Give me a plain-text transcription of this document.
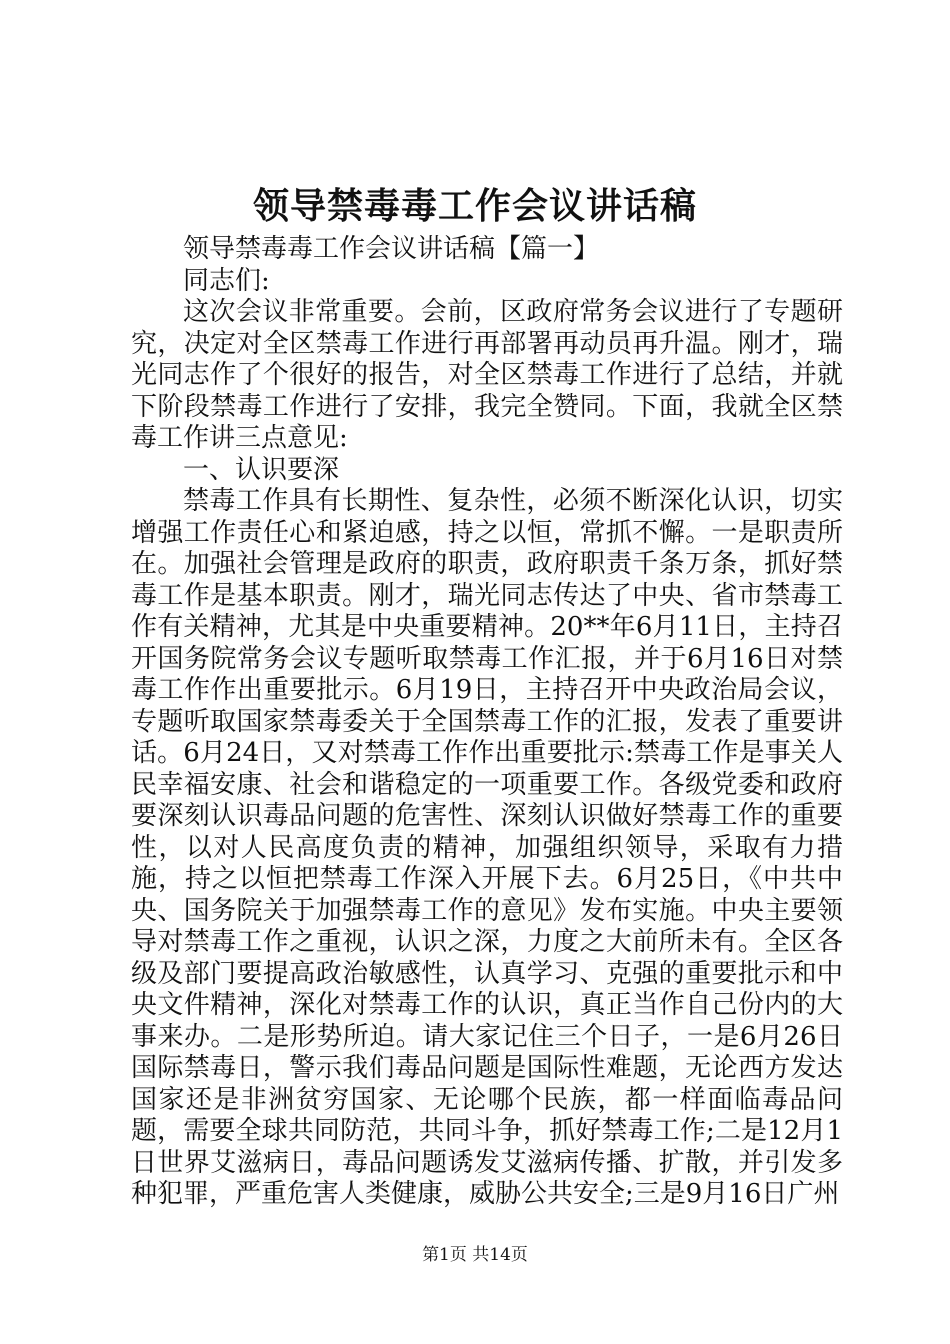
领导禁毒毒工作会议讲话稿

领导禁毒毒工作会议讲话稿【篇一】

同志们:

这次会议非常重要。会前，区政府常务会议进行了专题研究，决定对全区禁毒工作进行再部署再动员再升温。刚才，瑞光同志作了个很好的报告，对全区禁毒工作进行了总结，并就下阶段禁毒工作进行了安排，我完全赞同。下面，我就全区禁毒工作讲三点意见:

一、认识要深

禁毒工作具有长期性、复杂性，必须不断深化认识，切实增强工作责任心和紧迫感，持之以恒，常抓不懈。一是职责所在。加强社会管理是政府的职责，政府职责千条万条，抓好禁毒工作是基本职责。刚才，瑞光同志传达了中央、省市禁毒工作有关精神，尤其是中央重要精神。20**年6月11日，主持召开国务院常务会议专题听取禁毒工作汇报，并于6月16日对禁毒工作作出重要批示。6月19日，主持召开中央政治局会议，专题听取国家禁毒委关于全国禁毒工作的汇报，发表了重要讲话。6月24日，又对禁毒工作作出重要批示:禁毒工作是事关人民幸福安康、社会和谐稳定的一项重要工作。各级党委和政府要深刻认识毒品问题的危害性、深刻认识做好禁毒工作的重要性，以对人民高度负责的精神，加强组织领导，采取有力措施，持之以恒把禁毒工作深入开展下去。6月25日，《中共中央、国务院关于加强禁毒工作的意见》发布实施。中央主要领导对禁毒工作之重视，认识之深，力度之大前所未有。全区各级及部门要提高政治敏感性，认真学习、克强的重要批示和中央文件精神，深化对禁毒工作的认识，真正当作自己份内的大事来办。二是形势所迫。请大家记住三个日子，一是6月26日国际禁毒日，警示我们毒品问题是国际性难题，无论西方发达国家还是非洲贫穷国家、无论哪个民族，都一样面临毒品问题，需要全球共同防范，共同斗争，抓好禁毒工作;二是12月1日世界艾滋病日，毒品问题诱发艾滋病传播、扩散，并引发多种犯罪，严重危害人类健康，威胁公共安全;三是9月16日广州

第1页 共14页
